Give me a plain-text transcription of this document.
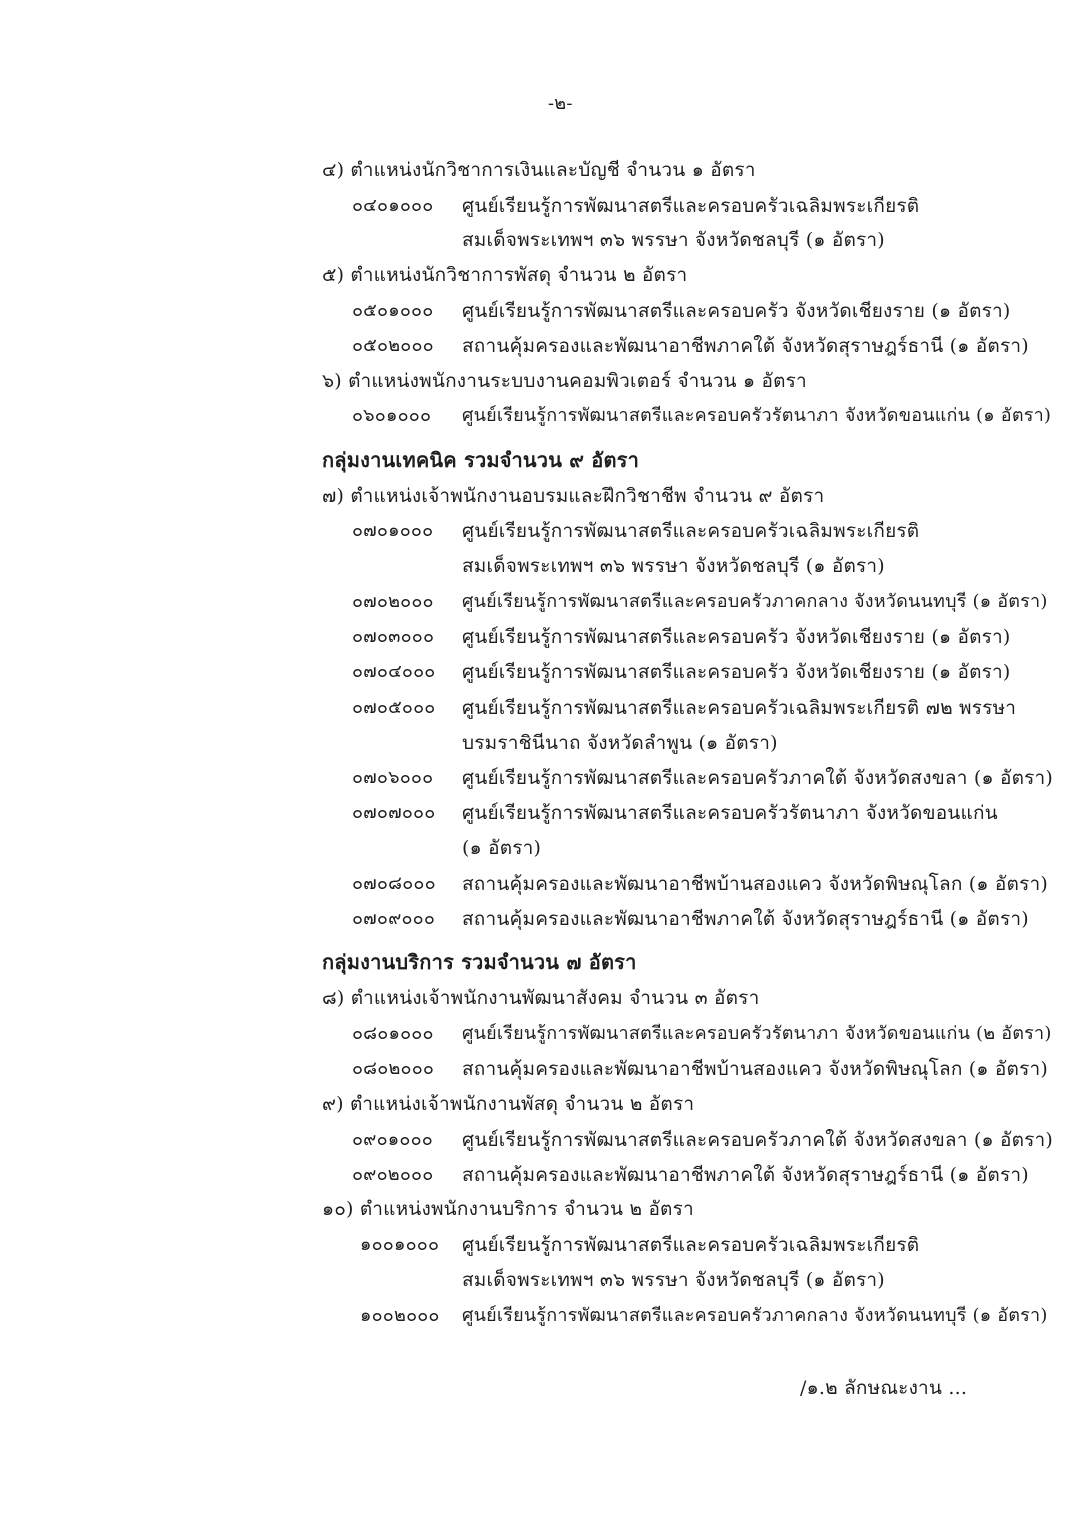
-๒-
๔) ตำแหน่งนักวิชาการเงินและบัญชี จำนวน ๑ อัตรา
๐๔๐๑๐๐๐ ศูนย์เรียนรู้การพัฒนาสตรีและครอบครัวเฉลิมพระเกียรติ
สมเด็จพระเทพฯ ๓๖ พรรษา จังหวัดชลบุรี (๑ อัตรา)
๕) ตำแหน่งนักวิชาการพัสดุ จำนวน ๒ อัตรา
๐๕๐๑๐๐๐ ศูนย์เรียนรู้การพัฒนาสตรีและครอบครัว จังหวัดเชียงราย (๑ อัตรา)
๐๕๐๒๐๐๐ สถานคุ้มครองและพัฒนาอาชีพภาคใต้ จังหวัดสุราษฎร์ธานี (๑ อัตรา)
๖) ตำแหน่งพนักงานระบบงานคอมพิวเตอร์ จำนวน ๑ อัตรา
๐๖๐๑๐๐๐ ศูนย์เรียนรู้การพัฒนาสตรีและครอบครัวรัตนาภา จังหวัดขอนแก่น (๑ อัตรา)
กลุ่มงานเทคนิค รวมจำนวน ๙ อัตรา
๗) ตำแหน่งเจ้าพนักงานอบรมและฝึกวิชาชีพ จำนวน ๙ อัตรา
๐๗๐๑๐๐๐ ศูนย์เรียนรู้การพัฒนาสตรีและครอบครัวเฉลิมพระเกียรติ
สมเด็จพระเทพฯ ๓๖ พรรษา จังหวัดชลบุรี (๑ อัตรา)
๐๗๐๒๐๐๐ ศูนย์เรียนรู้การพัฒนาสตรีและครอบครัวภาคกลาง จังหวัดนนทบุรี (๑ อัตรา)
๐๗๐๓๐๐๐ ศูนย์เรียนรู้การพัฒนาสตรีและครอบครัว จังหวัดเชียงราย (๑ อัตรา)
๐๗๐๔๐๐๐ ศูนย์เรียนรู้การพัฒนาสตรีและครอบครัว จังหวัดเชียงราย (๑ อัตรา)
๐๗๐๕๐๐๐ ศูนย์เรียนรู้การพัฒนาสตรีและครอบครัวเฉลิมพระเกียรติ ๗๒ พรรษา
บรมราชินีนาถ จังหวัดลำพูน (๑ อัตรา)
๐๗๐๖๐๐๐ ศูนย์เรียนรู้การพัฒนาสตรีและครอบครัวภาคใต้ จังหวัดสงขลา (๑ อัตรา)
๐๗๐๗๐๐๐ ศูนย์เรียนรู้การพัฒนาสตรีและครอบครัวรัตนาภา จังหวัดขอนแก่น
(๑ อัตรา)
๐๗๐๘๐๐๐ สถานคุ้มครองและพัฒนาอาชีพบ้านสองแคว จังหวัดพิษณุโลก (๑ อัตรา)
๐๗๐๙๐๐๐ สถานคุ้มครองและพัฒนาอาชีพภาคใต้ จังหวัดสุราษฎร์ธานี (๑ อัตรา)
กลุ่มงานบริการ รวมจำนวน ๗ อัตรา
๘) ตำแหน่งเจ้าพนักงานพัฒนาสังคม จำนวน ๓ อัตรา
๐๘๐๑๐๐๐ ศูนย์เรียนรู้การพัฒนาสตรีและครอบครัวรัตนาภา จังหวัดขอนแก่น (๒ อัตรา)
๐๘๐๒๐๐๐ สถานคุ้มครองและพัฒนาอาชีพบ้านสองแคว จังหวัดพิษณุโลก (๑ อัตรา)
๙) ตำแหน่งเจ้าพนักงานพัสดุ จำนวน ๒ อัตรา
๐๙๐๑๐๐๐ ศูนย์เรียนรู้การพัฒนาสตรีและครอบครัวภาคใต้ จังหวัดสงขลา (๑ อัตรา)
๐๙๐๒๐๐๐ สถานคุ้มครองและพัฒนาอาชีพภาคใต้ จังหวัดสุราษฎร์ธานี (๑ อัตรา)
๑๐) ตำแหน่งพนักงานบริการ จำนวน ๒ อัตรา
๑๐๐๑๐๐๐ ศูนย์เรียนรู้การพัฒนาสตรีและครอบครัวเฉลิมพระเกียรติ
สมเด็จพระเทพฯ ๓๖ พรรษา จังหวัดชลบุรี (๑ อัตรา)
๑๐๐๒๐๐๐ ศูนย์เรียนรู้การพัฒนาสตรีและครอบครัวภาคกลาง จังหวัดนนทบุรี (๑ อัตรา)
/๑.๒ ลักษณะงาน ...
